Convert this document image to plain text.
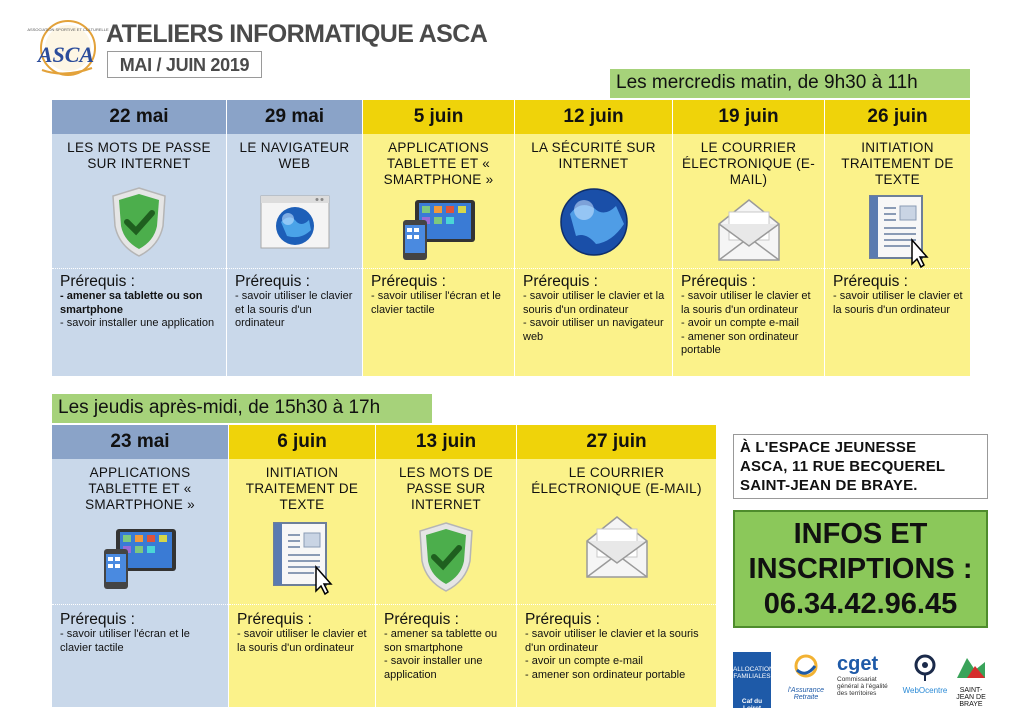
ASSOCIATION SPORTIVE ET CULTURELLE
ASCA
ATELIERS INFORMATIQUE ASCA
MAI / JUIN 2019
Les mercredis matin, de 9h30 à 11h
22 mai
LES MOTS DE PASSE SUR INTERNET
Prérequis :
- amener sa tablette ou son smartphone
- savoir installer une application
29 mai
LE NAVIGATEUR WEB
Prérequis :
- savoir utiliser le clavier et la souris d'un ordinateur
5 juin
APPLICATIONS TABLETTE ET « SMARTPHONE »
Prérequis :
- savoir utiliser l'écran et le clavier tactile
12 juin
LA SÉCURITÉ SUR INTERNET
Prérequis :
- savoir utiliser le clavier et la souris d'un ordinateur
- savoir utiliser un navigateur web
19 juin
LE COURRIER ÉLECTRONIQUE (E-MAIL)
Prérequis :
- savoir utiliser le clavier et la souris d'un ordinateur
- avoir un compte e-mail
- amener son ordinateur portable
26 juin
INITIATION TRAITEMENT DE TEXTE
Prérequis :
- savoir utiliser le clavier et la souris d'un ordinateur
Les jeudis après-midi, de 15h30 à 17h
23 mai
APPLICATIONS TABLETTE ET « SMARTPHONE »
Prérequis :
- savoir utiliser l'écran et le clavier tactile
6 juin
INITIATION TRAITEMENT DE TEXTE
Prérequis :
- savoir utiliser le clavier et la souris d'un ordinateur
13 juin
LES MOTS DE PASSE SUR INTERNET
Prérequis :
- amener sa tablette ou son smartphone
- savoir installer une application
27 juin
LE COURRIER ÉLECTRONIQUE (E-MAIL)
Prérequis :
- savoir utiliser le clavier et la souris d'un ordinateur
- avoir un compte e-mail
- amener son ordinateur portable
À L'ESPACE JEUNESSE
ASCA, 11 RUE BECQUEREL
SAINT-JEAN DE BRAYE.
INFOS ET
INSCRIPTIONS :
06.34.42.96.45
ALLOCATIONS FAMILIALES
Caf du Loiret
l'Assurance Retraite
cget
Commissariat général à l'égalité des territoires	WebOcentre	SAINT-JEAN DE BRAYE
